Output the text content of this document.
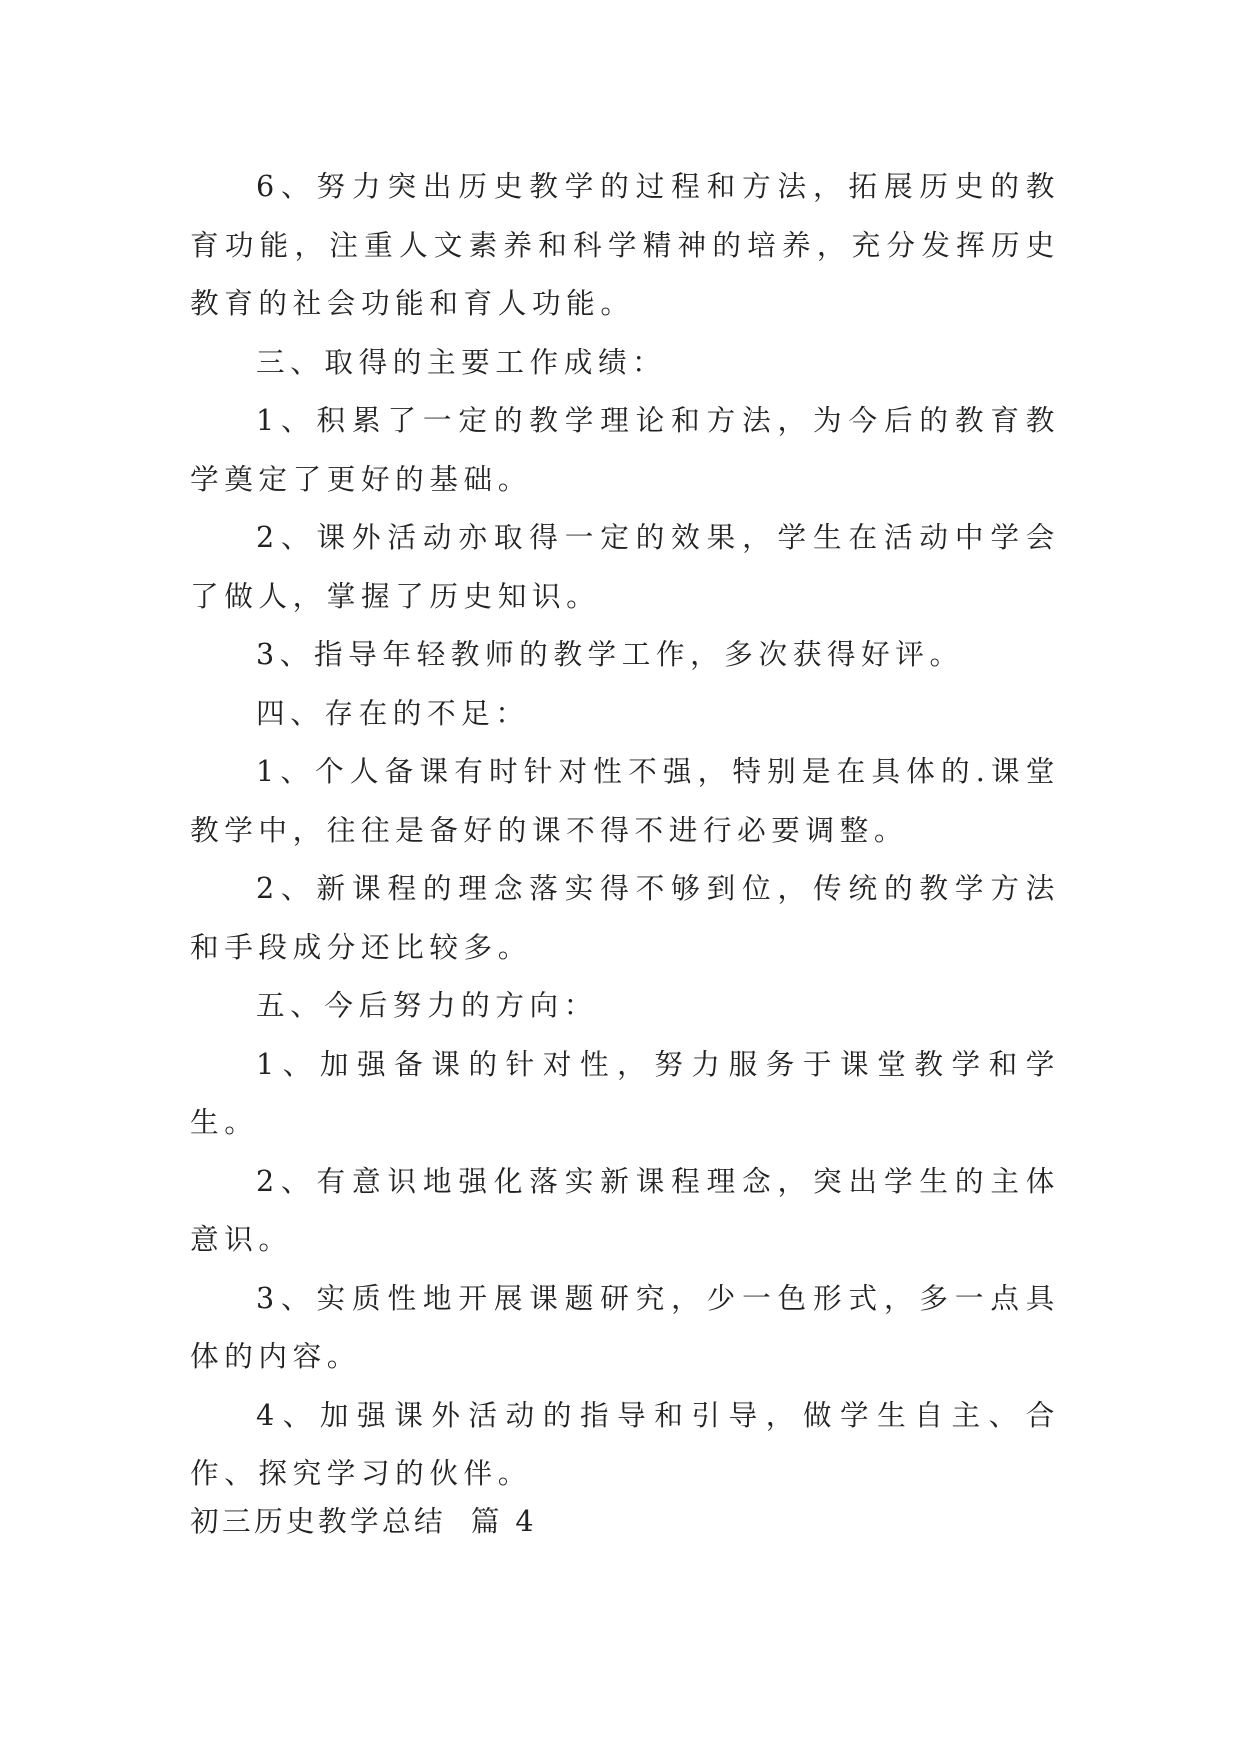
6、努力突出历史教学的过程和方法，拓展历史的教育功能，注重人文素养和科学精神的培养，充分发挥历史教育的社会功能和育人功能。

三、取得的主要工作成绩：

1、积累了一定的教学理论和方法，为今后的教育教学奠定了更好的基础。

2、课外活动亦取得一定的效果，学生在活动中学会了做人，掌握了历史知识。

3、指导年轻教师的教学工作，多次获得好评。

四、存在的不足：

1、个人备课有时针对性不强，特别是在具体的.课堂教学中，往往是备好的课不得不进行必要调整。

2、新课程的理念落实得不够到位，传统的教学方法和手段成分还比较多。

五、今后努力的方向：

1、加强备课的针对性，努力服务于课堂教学和学生。

2、有意识地强化落实新课程理念，突出学生的主体意识。

3、实质性地开展课题研究，少一色形式，多一点具体的内容。

4、加强课外活动的指导和引导，做学生自主、合作、探究学习的伙伴。

初三历史教学总结  篇 4
